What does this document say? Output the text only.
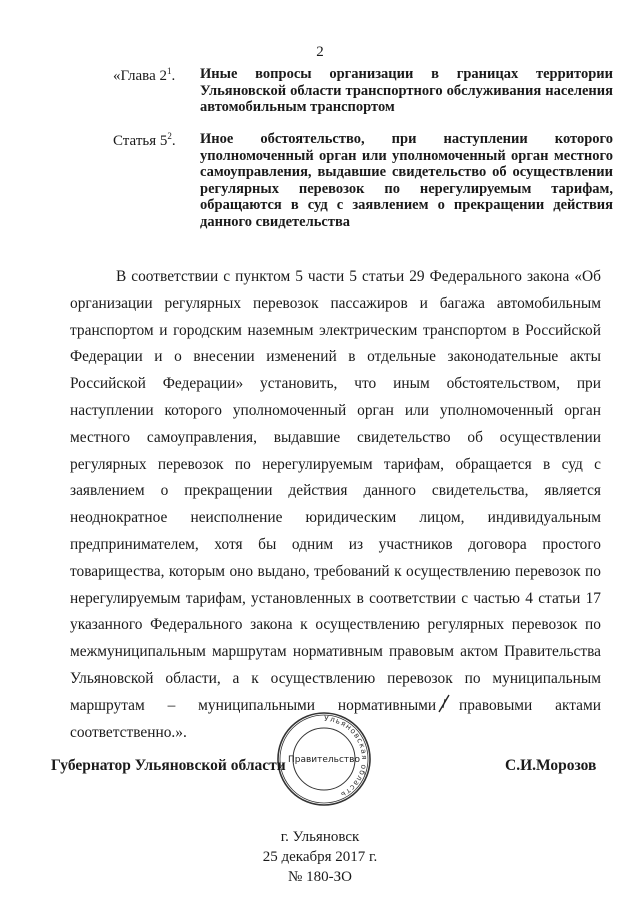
2
«Глава $2^1$. Иные вопросы организации в границах территории Ульяновской области транспортного обслуживания населения автомобильным транспортом
Статья $5^2$. Иное обстоятельство, при наступлении которого уполномоченный орган или уполномоченный орган местного самоуправления, выдавшие свидетельство об осуществлении регулярных перевозок по нерегулируемым тарифам, обращаются в суд с заявлением о прекращении действия данного свидетельства

В соответствии с пунктом 5 части 5 статьи 29 Федерального закона «Об организации регулярных перевозок пассажиров и багажа автомобильным транспортом и городским наземным электрическим транспортом в Российской Федерации и о внесении изменений в отдельные законодательные акты Российской Федерации» установить, что иным обстоятельством, при наступлении которого уполномоченный орган или уполномоченный орган местного самоуправления, выдавшие свидетельство об осуществлении регулярных перевозок по нерегулируемым тарифам, обращается в суд с заявлением о прекращении действия данного свидетельства, является неоднократное неисполнение юридическим лицом, индивидуальным предпринимателем, хотя бы одним из участников договора простого товарищества, которым оно выдано, требований к осуществлению перевозок по нерегулируемым тарифам, установленных в соответствии с частью 4 статьи 17 указанного Федерального закона к осуществлению регулярных перевозок по межмуниципальным маршрутам нормативным правовым актом Правительства Ульяновской области, а к осуществлению перевозок по муниципальным маршрутам – муниципальными нормативными правовыми актами соответственно.».

Ульяновская область
Правительство
Губернатор Ульяновской области	С.И.Морозов
г. Ульяновск
25 декабря 2017 г.
№ 180-ЗО
